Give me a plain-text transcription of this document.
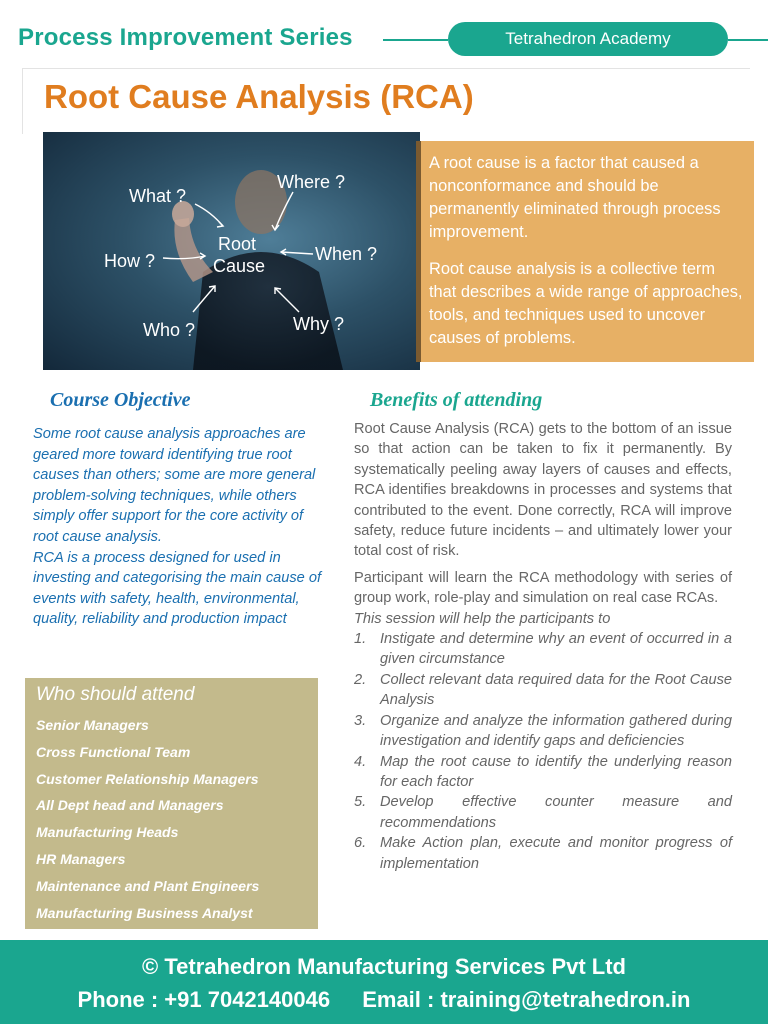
Process Improvement Series	Tetrahedron Academy
Root Cause Analysis (RCA)
What ?
Where ?
Root
Cause
How ?	When ?
Who ?	Why ?

A root cause is a factor that caused a nonconformance and should be permanently eliminated through process improvement.

Root cause analysis is a collective term that describes a wide range of approaches, tools, and techniques used to uncover causes of problems.

Course Objective

Some root cause analysis approaches are geared more toward identifying true root causes than others; some are more general problem-solving techniques, while others simply offer support for the core activity of root cause analysis.

RCA is a process designed for used in investing and categorising the main cause of events with safety, health, environmental, quality, reliability and production impact

Who should attend
Senior Managers
Cross Functional Team
Customer Relationship Managers
All Dept head and Managers
Manufacturing Heads
HR Managers
Maintenance and Plant Engineers
Manufacturing Business Analyst
Benefits of attending

Root Cause Analysis (RCA) gets to the bottom of an issue so that action can be taken to fix it permanently. By systematically peeling away layers of causes and effects, RCA identifies breakdowns in processes and systems that contributed to the event. Done correctly, RCA will improve safety, reduce future incidents – and ultimately lower your total cost of risk.

Participant will learn the RCA methodology with series of group work, role-play and simulation on real case RCAs.

This session will help the participants to

1. Instigate and determine why an event of occurred in a given circumstance
2. Collect relevant data required data for the Root Cause Analysis
3. Organize and analyze the information gathered during investigation and identify gaps and deficiencies
4. Map the root cause to identify the underlying reason for each factor
5. Develop effective counter measure and recommendations
6. Make Action plan, execute and monitor progress of implementation
© Tetrahedron Manufacturing Services Pvt Ltd
Phone : +91 7042140046 Email : training@tetrahedron.in
